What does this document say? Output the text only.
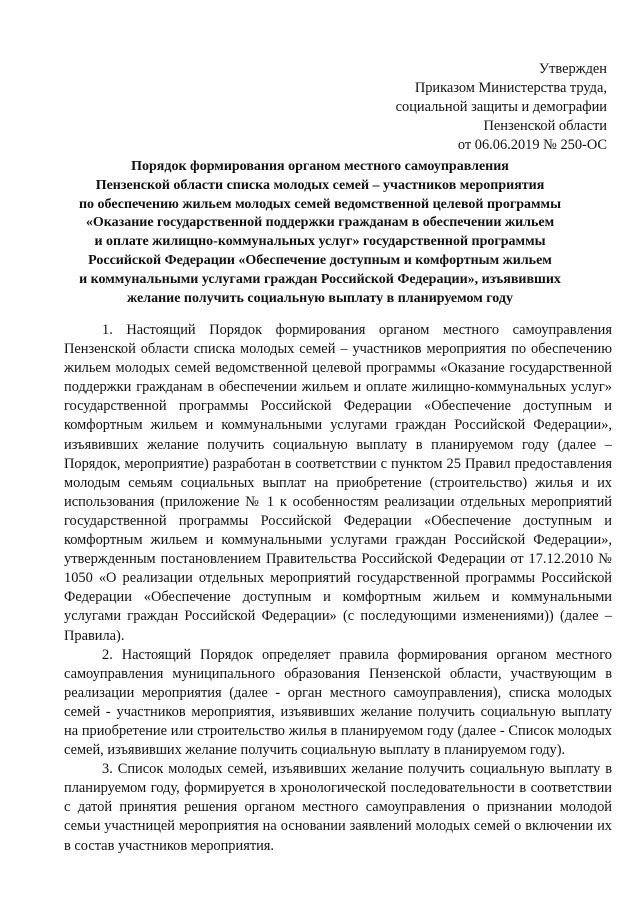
Утвержден
Приказом Министерства труда,
социальной защиты и демографии
Пензенской области
от 06.06.2019 № 250-ОС
Порядок формирования органом местного самоуправления
Пензенской области списка молодых семей – участников мероприятия
по обеспечению жильем молодых семей ведомственной целевой программы
«Оказание государственной поддержки гражданам в обеспечении жильем
и оплате жилищно-коммунальных услуг» государственной программы
Российской Федерации «Обеспечение доступным и комфортным жильем
и коммунальными услугами граждан Российской Федерации», изъявивших
желание получить социальную выплату в планируемом году

1. Настоящий Порядок формирования органом местного самоуправления Пензенской области списка молодых семей – участников мероприятия по обеспечению жильем молодых семей ведомственной целевой программы «Оказание государственной поддержки гражданам в обеспечении жильем и оплате жилищно-коммунальных услуг» государственной программы Российской Федерации «Обеспечение доступным и комфортным жильем и коммунальными услугами граждан Российской Федерации», изъявивших желание получить социальную выплату в планируемом году (далее – Порядок, мероприятие) разработан в соответствии с пунктом 25 Правил предоставления молодым семьям социальных выплат на приобретение (строительство) жилья и их использования (приложение № 1 к особенностям реализации отдельных мероприятий государственной программы Российской Федерации «Обеспечение доступным и комфортным жильем и коммунальными услугами граждан Российской Федерации», утвержденным постановлением Правительства Российской Федерации от 17.12.2010 № 1050 «О реализации отдельных мероприятий государственной программы Российской Федерации «Обеспечение доступным и комфортным жильем и коммунальными услугами граждан Российской Федерации» (с последующими изменениями)) (далее – Правила).

2. Настоящий Порядок определяет правила формирования органом местного самоуправления муниципального образования Пензенской области, участвующим в реализации мероприятия (далее - орган местного самоуправления), списка молодых семей - участников мероприятия, изъявивших желание получить социальную выплату на приобретение или строительство жилья в планируемом году (далее - Список молодых семей, изъявивших желание получить социальную выплату в планируемом году).

3. Список молодых семей, изъявивших желание получить социальную выплату в планируемом году, формируется в хронологической последовательности в соответствии с датой принятия решения органом местного самоуправления о признании молодой семьи участницей мероприятия на основании заявлений молодых семей о включении их в состав участников мероприятия.
